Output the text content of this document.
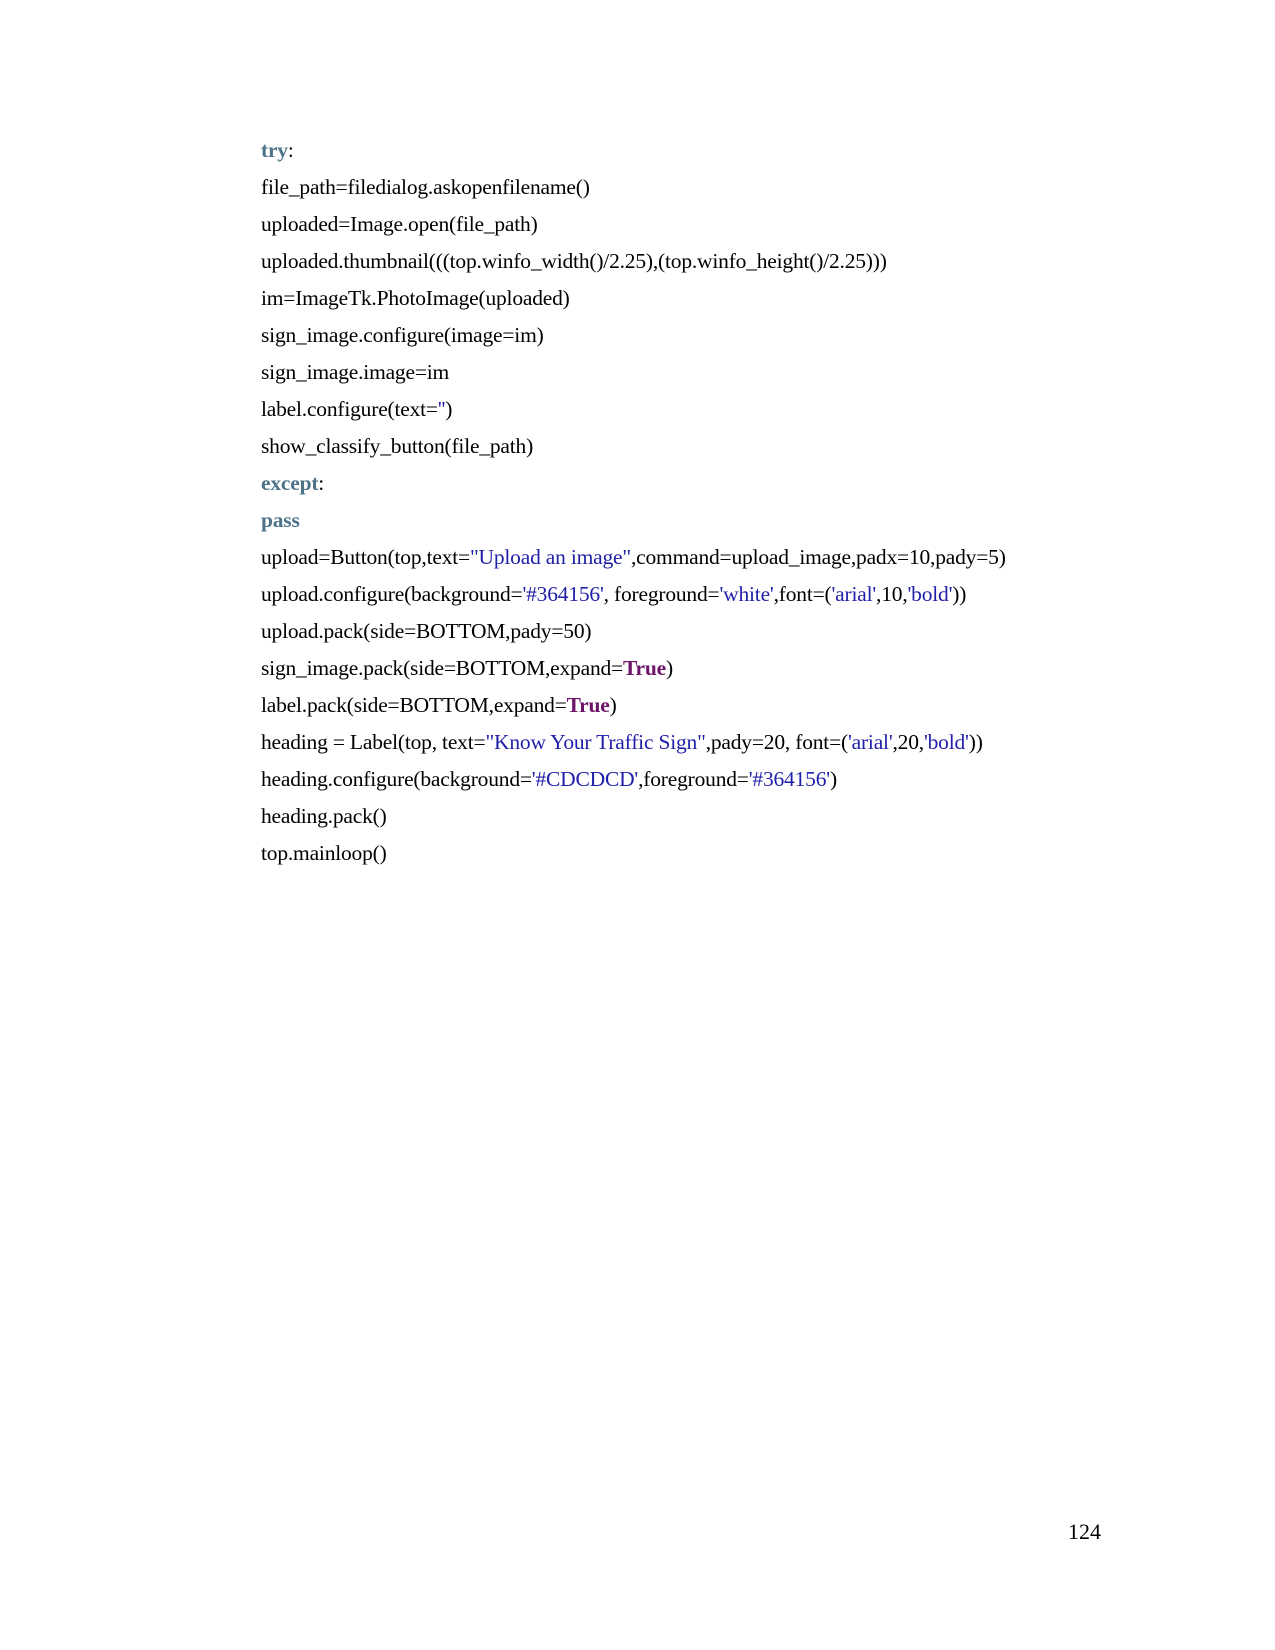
try:
file_path=filedialog.askopenfilename()
uploaded=Image.open(file_path)
uploaded.thumbnail(((top.winfo_width()/2.25),(top.winfo_height()/2.25)))
im=ImageTk.PhotoImage(uploaded)
sign_image.configure(image=im)
sign_image.image=im
label.configure(text='')
show_classify_button(file_path)
except:
pass
upload=Button(top,text="Upload an image",command=upload_image,padx=10,pady=5)
upload.configure(background='#364156', foreground='white',font=('arial',10,'bold'))
upload.pack(side=BOTTOM,pady=50)
sign_image.pack(side=BOTTOM,expand=True)
label.pack(side=BOTTOM,expand=True)
heading = Label(top, text="Know Your Traffic Sign",pady=20, font=('arial',20,'bold'))
heading.configure(background='#CDCDCD',foreground='#364156')
heading.pack()
top.mainloop()
124
